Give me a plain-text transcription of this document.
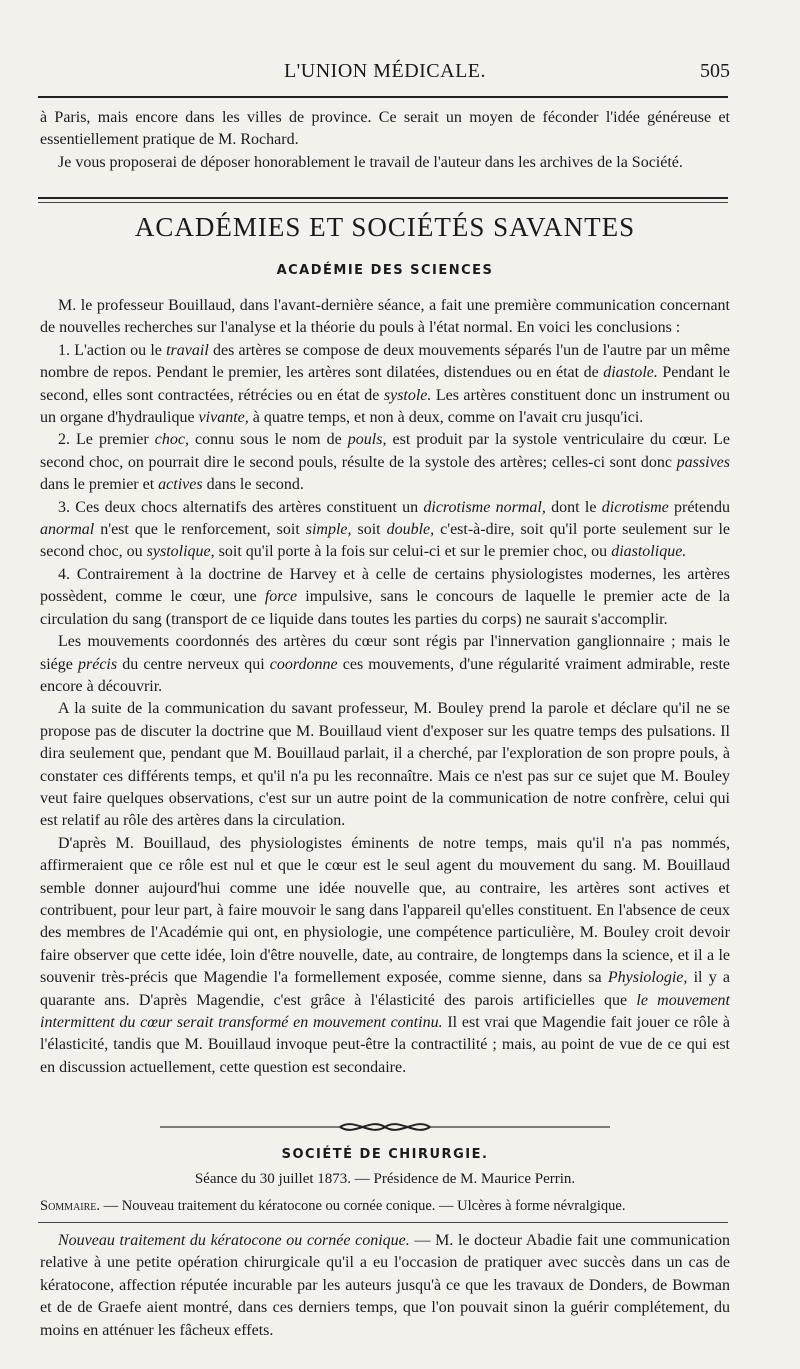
L'UNION MÉDICALE.	505

à Paris, mais encore dans les villes de province. Ce serait un moyen de féconder l'idée généreuse et essentiellement pratique de M. Rochard.

Je vous proposerai de déposer honorablement le travail de l'auteur dans les archives de la Société.

ACADÉMIES ET SOCIÉTÉS SAVANTES
ACADÉMIE DES SCIENCES

M. le professeur Bouillaud, dans l'avant-dernière séance, a fait une première communication concernant de nouvelles recherches sur l'analyse et la théorie du pouls à l'état normal. En voici les conclusions :

1. L'action ou le travail des artères se compose de deux mouvements séparés l'un de l'autre par un même nombre de repos. Pendant le premier, les artères sont dilatées, distendues ou en état de diastole. Pendant le second, elles sont contractées, rétrécies ou en état de systole. Les artères constituent donc un instrument ou un organe d'hydraulique vivante, à quatre temps, et non à deux, comme on l'avait cru jusqu'ici.

2. Le premier choc, connu sous le nom de pouls, est produit par la systole ventriculaire du cœur. Le second choc, on pourrait dire le second pouls, résulte de la systole des artères; celles-ci sont donc passives dans le premier et actives dans le second.

3. Ces deux chocs alternatifs des artères constituent un dicrotisme normal, dont le dicrotisme prétendu anormal n'est que le renforcement, soit simple, soit double, c'est-à-dire, soit qu'il porte seulement sur le second choc, ou systolique, soit qu'il porte à la fois sur celui-ci et sur le premier choc, ou diastolique.

4. Contrairement à la doctrine de Harvey et à celle de certains physiologistes modernes, les artères possèdent, comme le cœur, une force impulsive, sans le concours de laquelle le premier acte de la circulation du sang (transport de ce liquide dans toutes les parties du corps) ne saurait s'accomplir.

Les mouvements coordonnés des artères du cœur sont régis par l'innervation ganglionnaire ; mais le siége précis du centre nerveux qui coordonne ces mouvements, d'une régularité vraiment admirable, reste encore à découvrir.

A la suite de la communication du savant professeur, M. Bouley prend la parole et déclare qu'il ne se propose pas de discuter la doctrine que M. Bouillaud vient d'exposer sur les quatre temps des pulsations. Il dira seulement que, pendant que M. Bouillaud parlait, il a cherché, par l'exploration de son propre pouls, à constater ces différents temps, et qu'il n'a pu les reconnaître. Mais ce n'est pas sur ce sujet que M. Bouley veut faire quelques observations, c'est sur un autre point de la communication de notre confrère, celui qui est relatif au rôle des artères dans la circulation.

D'après M. Bouillaud, des physiologistes éminents de notre temps, mais qu'il n'a pas nommés, affirmeraient que ce rôle est nul et que le cœur est le seul agent du mouvement du sang. M. Bouillaud semble donner aujourd'hui comme une idée nouvelle que, au contraire, les artères sont actives et contribuent, pour leur part, à faire mouvoir le sang dans l'appareil qu'elles constituent. En l'absence de ceux des membres de l'Académie qui ont, en physiologie, une compétence particulière, M. Bouley croit devoir faire observer que cette idée, loin d'être nouvelle, date, au contraire, de longtemps dans la science, et il a le souvenir très-précis que Magendie l'a formellement exposée, comme sienne, dans sa Physiologie, il y a quarante ans. D'après Magendie, c'est grâce à l'élasticité des parois artificielles que le mouvement intermittent du cœur serait transformé en mouvement continu. Il est vrai que Magendie fait jouer ce rôle à l'élasticité, tandis que M. Bouillaud invoque peut-être la contractilité ; mais, au point de vue de ce qui est en discussion actuellement, cette question est secondaire.

SOCIÉTÉ DE CHIRURGIE.
Séance du 30 juillet 1873. — Présidence de M. Maurice Perrin.
Sommaire. — Nouveau traitement du kératocone ou cornée conique. — Ulcères à forme névralgique.

Nouveau traitement du kératocone ou cornée conique. — M. le docteur Abadie fait une communication relative à une petite opération chirurgicale qu'il a eu l'occasion de pratiquer avec succès dans un cas de kératocone, affection réputée incurable par les auteurs jusqu'à ce que les travaux de Donders, de Bowman et de de Graefe aient montré, dans ces derniers temps, que l'on pouvait sinon la guérir complétement, du moins en atténuer les fâcheux effets.
